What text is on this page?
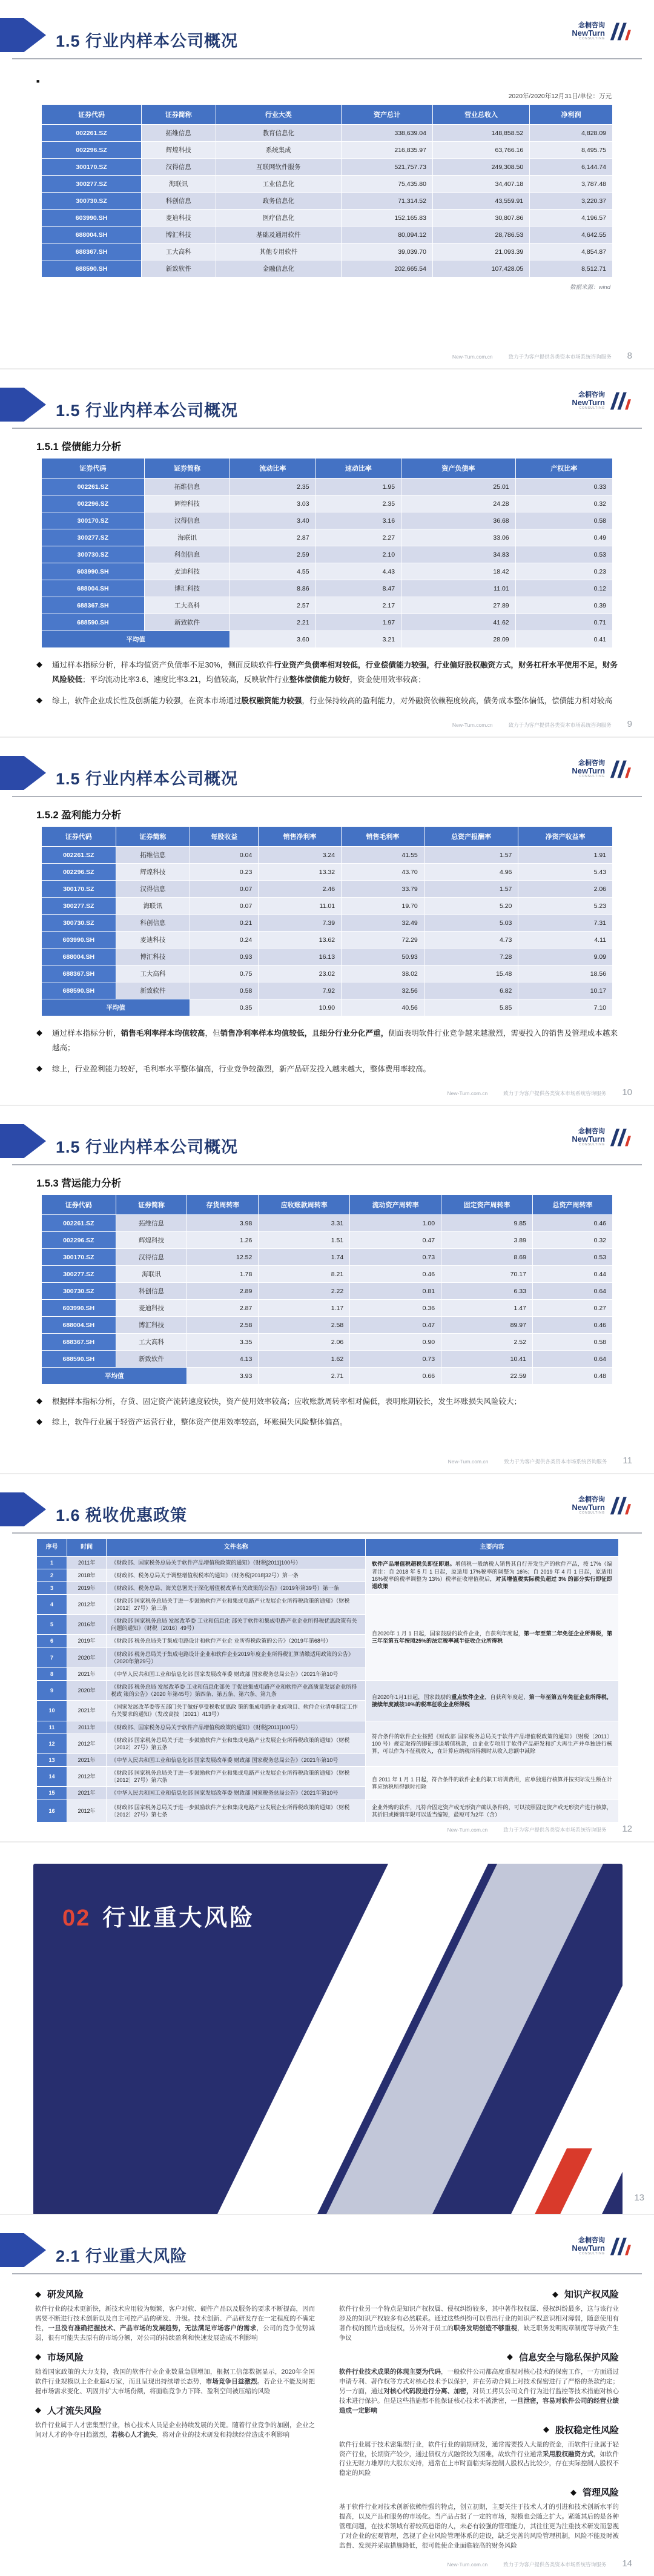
1.5 行业内样本公司概况
念桐咨询
NewTurn
CONSULTING
■

2020年/2020年12月31日/单位：万元
证券代码	证券简称	行业大类	资产总计	营业总收入	净利润
002261.SZ	拓维信息	教育信息化	338,639.04	148,858.52	4,828.09
002296.SZ	辉煌科技	系统集成	216,835.97	63,766.16	8,495.75
300170.SZ	汉得信息	互联网软件服务	521,757.73	249,308.50	6,144.74
300277.SZ	海联讯	工业信息化	75,435.80	34,407.18	3,787.48
300730.SZ	科创信息	政务信息化	71,314.52	43,559.91	3,220.37
603990.SH	麦迪科技	医疗信息化	152,165.83	30,807.86	4,196.57
688004.SH	博汇科技	基础及通用软件	80,094.12	28,786.53	4,642.55
688367.SH	工大高科	其他专用软件	39,039.70	21,093.39	4,854.87
688590.SH	新致软件	金融信息化	202,665.54	107,428.05	8,512.71
数据来源：wind
New-Turn.com.cn	致力于为客户提供各类资本市场系统咨询服务 8
1.5 行业内样本公司概况
念桐咨询
NewTurn
CONSULTING
1.5.1 偿债能力分析
证券代码	证券简称	流动比率	速动比率	资产负债率	产权比率
002261.SZ	拓维信息	2.35	1.95	25.01	0.33
002296.SZ	辉煌科技	3.03	2.35	24.28	0.32
300170.SZ	汉得信息	3.40	3.16	36.68	0.58
300277.SZ	海联讯	2.87	2.27	33.06	0.49
300730.SZ	科创信息	2.59	2.10	34.83	0.53
603990.SH	麦迪科技	4.55	4.43	18.42	0.23
688004.SH	博汇科技	8.86	8.47	11.01	0.12
688367.SH	工大高科	2.57	2.17	27.89	0.39
688590.SH	新致软件	2.21	1.97	41.62	0.71
平均值		3.60	3.21	28.09	0.41
◆	通过样本指标分析，样本均值资产负债率不足30%，侧面反映软件行业资产负债率相对较低，行业偿债能力较强，行业偏好股权融资方式，财务杠杆水平使用不足，财务风险较低；平均流动比率3.6、速度比率3.21，均值较高，反映软件行业整体偿债能力较好，资金使用效率较高；

◆	综上，软件企业成长性及创新能力较强，在资本市场通过股权融资能力较强，行业保持较高的盈利能力，对外融资依赖程度较高，债务成本整体偏低，偿债能力相对较高

New-Turn.com.cn	致力于为客户提供各类资本市场系统咨询服务 9
1.5 行业内样本公司概况
念桐咨询
NewTurn
CONSULTING
1.5.2 盈利能力分析
证券代码	证券简称	每股收益	销售净利率	销售毛利率	总资产报酬率	净资产收益率
002261.SZ	拓维信息	0.04	3.24	41.55	1.57	1.91
002296.SZ	辉煌科技	0.23	13.32	43.70	4.96	5.43
300170.SZ	汉得信息	0.07	2.46	33.79	1.57	2.06
300277.SZ	海联讯	0.07	11.01	19.70	5.20	5.23
300730.SZ	科创信息	0.21	7.39	32.49	5.03	7.31
603990.SH	麦迪科技	0.24	13.62	72.29	4.73	4.11
688004.SH	博汇科技	0.93	16.13	50.93	7.28	9.09
688367.SH	工大高科	0.75	23.02	38.02	15.48	18.56
688590.SH	新致软件	0.58	7.92	32.56	6.82	10.17
平均值		0.35	10.90	40.56	5.85	7.10
◆	通过样本指标分析，销售毛利率样本均值较高，但销售净利率样本均值较低，且细分行业分化严重，侧面表明软件行业竞争越来越激烈，需要投入的销售及管理成本越来越高；

◆	综上，行业盈利能力较好，毛利率水平整体偏高，行业竞争较激烈，新产品研发投入越来越大，整体费用率较高。

New-Turn.com.cn	致力于为客户提供各类资本市场系统咨询服务 10
1.5 行业内样本公司概况
念桐咨询
NewTurn
CONSULTING
1.5.3 营运能力分析
证券代码	证券简称	存货周转率	应收账款周转率	流动资产周转率	固定资产周转率	总资产周转率
002261.SZ	拓维信息	3.98	3.31	1.00	9.85	0.46
002296.SZ	辉煌科技	1.26	1.51	0.47	3.89	0.32
300170.SZ	汉得信息	12.52	1.74	0.73	8.69	0.53
300277.SZ	海联讯	1.78	8.21	0.46	70.17	0.44
300730.SZ	科创信息	2.89	2.22	0.81	6.33	0.64
603990.SH	麦迪科技	2.87	1.17	0.36	1.47	0.27
688004.SH	博汇科技	2.58	2.58	0.47	89.97	0.46
688367.SH	工大高科	3.35	2.06	0.90	2.52	0.58
688590.SH	新致软件	4.13	1.62	0.73	10.41	0.64
平均值		3.93	2.71	0.66	22.59	0.48
◆	根据样本指标分析，存货、固定资产流转速度较快，资产使用效率较高；应收账款周转率相对偏低，表明账期较长，发生坏账损失风险较大；

◆	综上，软件行业属于轻资产运营行业，整体资产使用效率较高，坏账损失风险整体偏高。

New-Turn.com.cn	致力于为客户提供各类资本市场系统咨询服务 11
1.6 税收优惠政策
念桐咨询
NewTurn
CONSULTING
序号	时间	文件名称	主要内容
1	2011年	《财政部、国家税务总局关于软件产品增值税政策的通知》（财税[2011]100号）	软件产品增值税超税负即征即退。增值税一般纳税人销售其自行开发生产的软件产品，按 17%（编者注：自 2018 年 5 月 1 日起，原适用 17%税率的调整为 16%；自 2019 年 4 月 1 日起，原适用 16%税率的税率调整为 13%）税率征收增值税后，对其增值税实际税负超过 3% 的部分实行即征即退政策
2	2018年	《财政部、税务总局关于调整增值税税率的通知》（财务税[2018]32号）第一条	
3	2019年	《财政部、税务总局、海关总署关于深化增值税改革有关政策的公告》（2019年第39号）第一条	
4	2012年	《财政部 国家税务总局关于进一步鼓励软件产业和集成电路产业发展企业所得税政策的通知》（财税〔2012〕27号）第三条	自2020年 1 月 1 日起，国家鼓励的软件企业，自获利年度起，第一年至第二年免征企业所得税，第三年至第五年按照25%的法定税率减半征收企业所得税
5	2016年	《财政部 国家税务总局 发展改革委 工业和信息化 部关于软件和集成电路产业企业所得税优惠政策有关问题的通知》（财税〔2016〕49号）	
6	2019年	《财政部 税务总局关于集成电路设计和软件产业企 业所得税政策的公告》（2019年第68号）	
7	2020年	《财政部 税务总局关于集成电路设计企业和软件企业2019年度企业所得税汇算清缴适用政策的公告》（2020年第29号）	
8	2021年	《中华人民共和国工业和信息化部 国家发展改革委 财政部 国家税务总局公告》（2021年第10号	
9	2020年	《财政部 税务总局 发展改革委 工业和信息化部关 于促进集成电路产业和软件产业高质量发展企业所得税政 策的公告》（2020 年第45号）第四条、第五条、第六条、第九条	自2020年1月1日起，国家鼓励的重点软件企业，自获利年度起，第一年至第五年免征企业所得税，接续年度减按10%的税率征收企业所得税
10	2021年	《国家发展改革委等五部门关于做好享受税收优惠政 策的集成电路企业或项目、软件企业清单制定工作有关要求的通知》（发改高技〔2021〕413号）	
11	2011年	《财政部、国家税务总局关于软件产品增值税政策的通知》（财税[2011]100号）	符合条件的软件企业按照《财政部 国家税务总局关于软件产品增值税政策的通知》（财税〔2011〕100 号）规定取得的即征即退增值税款，由企业专项用于软件产品研发和扩大再生产并单独进行核算，可以作为不征税收入，在计算应纳税所得额时从收入总额中减除
12	2012年	《财政部 国家税务总局关于进一步鼓励软件产业和集成电路产业发展企业所得税政策的通知》（财税〔2012〕27号）第五条	
13	2021年	《中华人民共和国工业和信息化部 国家发展改革委 财政部 国家税务总局公告》（2021年第10号	
14	2012年	《财政部 国家税务总局关于进一步鼓励软件产业和集成电路产业发展企业所得税政策的通知》（财税〔2012〕27号）第六条	自 2011 年 1 月 1 日起，符合条件的软件企业的职工培训费用，应单独进行核算并按实际发生额在计算应纳税所得额时扣除
15	2021年	《中华人民共和国工业和信息化部 国家发展改革委 财政部 国家税务总局公告》（2021年第10号	
16	2012年	《财政部 国家税务总局关于进一步鼓励软件产业和集成电路产业发展企业所得税政策的通知》（财税〔2012〕27号）第七条	企业外购的软件，凡符合固定资产或无形资产确认条件的，可以按照固定资产或无形资产进行核算，其折旧或摊销年限可以适当缩短，最短可为2年（含）
New-Turn.com.cn	致力于为客户提供各类资本市场系统咨询服务 12
02 行业重大风险
13
2.1 行业重大风险
念桐咨询
NewTurn
CONSULTING
◆ 研发风险

软件行业的技术更新快，新技术应用较为频繁，客户对软、硬件产品以及服务的要求不断提高，因而需要不断进行技术创新以及自主可控产品的研发、升级。技术创新、产品研发存在一定程度的不确定性，一旦没有准确把握技术、产品市场的发展趋势，无法满足市场客户的需求，公司的竞争优势减弱，很有可能失去原有的市场分额，对公司的持续盈利和快速发展造成不利影响

◆ 市场风险

随着国家政策的大力支持，我国的软件行业企业数量急剧增加，根据工信部数据显示，2020年全国软件行业规模以上企业超4万家，而且呈现出持续增长态势，市场竞争日益激烈。若企业不能及时把握市场需求变化、巩固并扩大市场份额，将面临竞争力下降、盈利空间被压缩的风险

◆ 人才流失风险

软件行业属于人才密集型行业，核心技术人员是企业持续发展的关键。随着行业竞争的加剧，企业之间对人才的争夺日趋激烈，若核心人才流失，将对企业的技术研发和持续经营造成不利影响

◆ 知识产权风险

软件行业另一个特点是知识产权权属、侵权纠纷较多，其中著作权权属、侵权纠纷最多，这与该行业涉及的知识产权较多有必然联系。通过这些纠纷可以看出行业的知识产权意识相对薄弱，随意使用有著作权的图片造成侵权，另外对于员工的职务发明创造不够重视，缺乏职务发明规章制度等导致产生争议

◆ 信息安全与隐私保护风险

软件行业技术成果的体现主要为代码，一般软件公司都高度重视对核心技术的保密工作，一方面通过申请专利、著作权等方式对核心技术予以保护，并在劳动合同上对技术保密进行了严格的条款约定；另一方面，通过对核心代码段进行分离、加密，对员工拷贝公司文件行为进行监控等技术措施对核心技术进行保护。但是这些措施都不能保证核心技术不被泄密，一旦泄密，容易对软件公司的经营业绩造成一定影响

◆ 股权稳定性风险

软件行业属于技术密集型行业，软件行业的前期研发，通常需要投入大量的资金，而软件行业属于轻资产行业，长期资产较少，通过债权方式融资较为困难，故软件行业通常采用股权融资方式，如软件行业无财力雄厚的大股东支持，通常在上市时面临实际控制人股权占比较少，存在实际控制人股权不稳定的风险

◆ 管理风险

基于软件行业对技术创新依赖性强的特点，创立初期，主要关注于技术人才的引进和技术创新水平的提高，以及产品和服务的市场化。当产品占据了一定的市场，规模也会随之扩大。紧随其后的是各种管理问题，在技术领域有着较高造诣的人，未必有较强的管理能力，其往往更为注重技术研发而忽视了对企业的宏观管理，忽视了企业风险管理体系的建设，缺乏完善的风险管理机制，风险不能及时被监督、发现并采取措施降低，很可能使企业面临较高的财务风险

New-Turn.com.cn	致力于为客户提供各类资本市场系统咨询服务 14
